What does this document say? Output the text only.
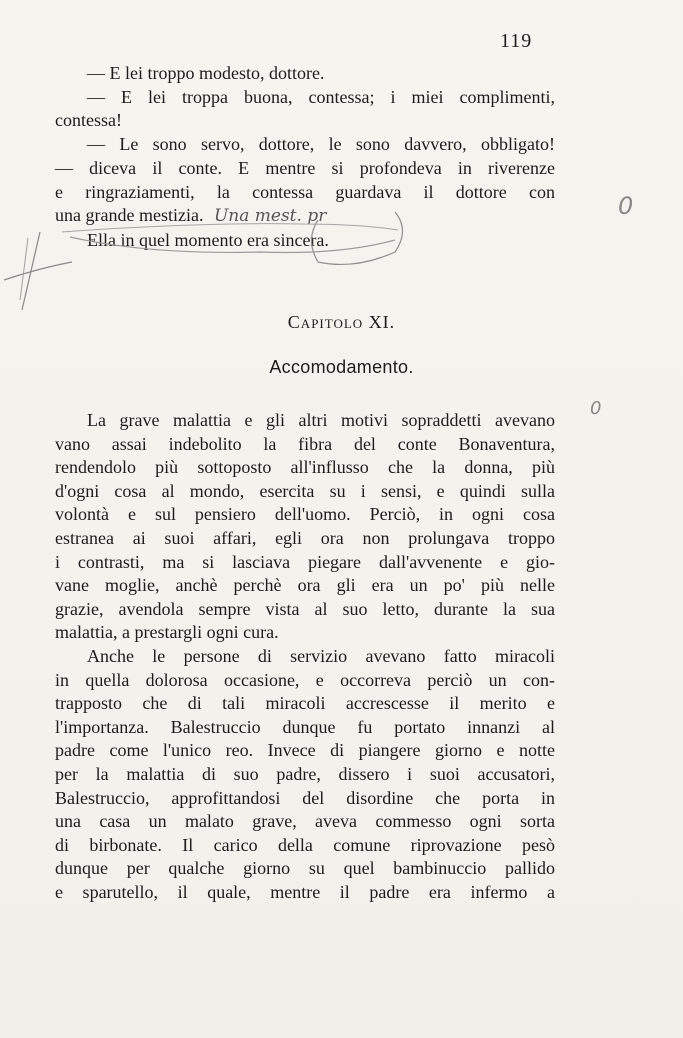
119
— E lei troppo modesto, dottore.
— E lei troppa buona, contessa; i miei complimenti,
contessa!
— Le sono servo, dottore, le sono davvero, obbligato!
— diceva il conte. E mentre si profondeva in riverenze
e ringraziamenti, la contessa guardava il dottore con
una grande mestizia. Una mest. pr
Ella in quel momento era sincera.
0
0
Capitolo XI.
Accomodamento.
La grave malattia e gli altri motivi sopraddetti avevano
vano assai indebolito la fibra del conte Bonaventura,
rendendolo più sottoposto all'influsso che la donna, più
d'ogni cosa al mondo, esercita su i sensi, e quindi sulla
volontà e sul pensiero dell'uomo. Perciò, in ogni cosa
estranea ai suoi affari, egli ora non prolungava troppo
i contrasti, ma si lasciava piegare dall'avvenente e gio-
vane moglie, anchè perchè ora gli era un po' più nelle
grazie, avendola sempre vista al suo letto, durante la sua
malattia, a prestargli ogni cura.
Anche le persone di servizio avevano fatto miracoli
in quella dolorosa occasione, e occorreva perciò un con-
trapposto che di tali miracoli accrescesse il merito e
l'importanza. Balestruccio dunque fu portato innanzi al
padre come l'unico reo. Invece di piangere giorno e notte
per la malattia di suo padre, dissero i suoi accusatori,
Balestruccio, approfittandosi del disordine che porta in
una casa un malato grave, aveva commesso ogni sorta
di birbonate. Il carico della comune riprovazione pesò
dunque per qualche giorno su quel bambinuccio pallido
e sparutello, il quale, mentre il padre era infermo a
